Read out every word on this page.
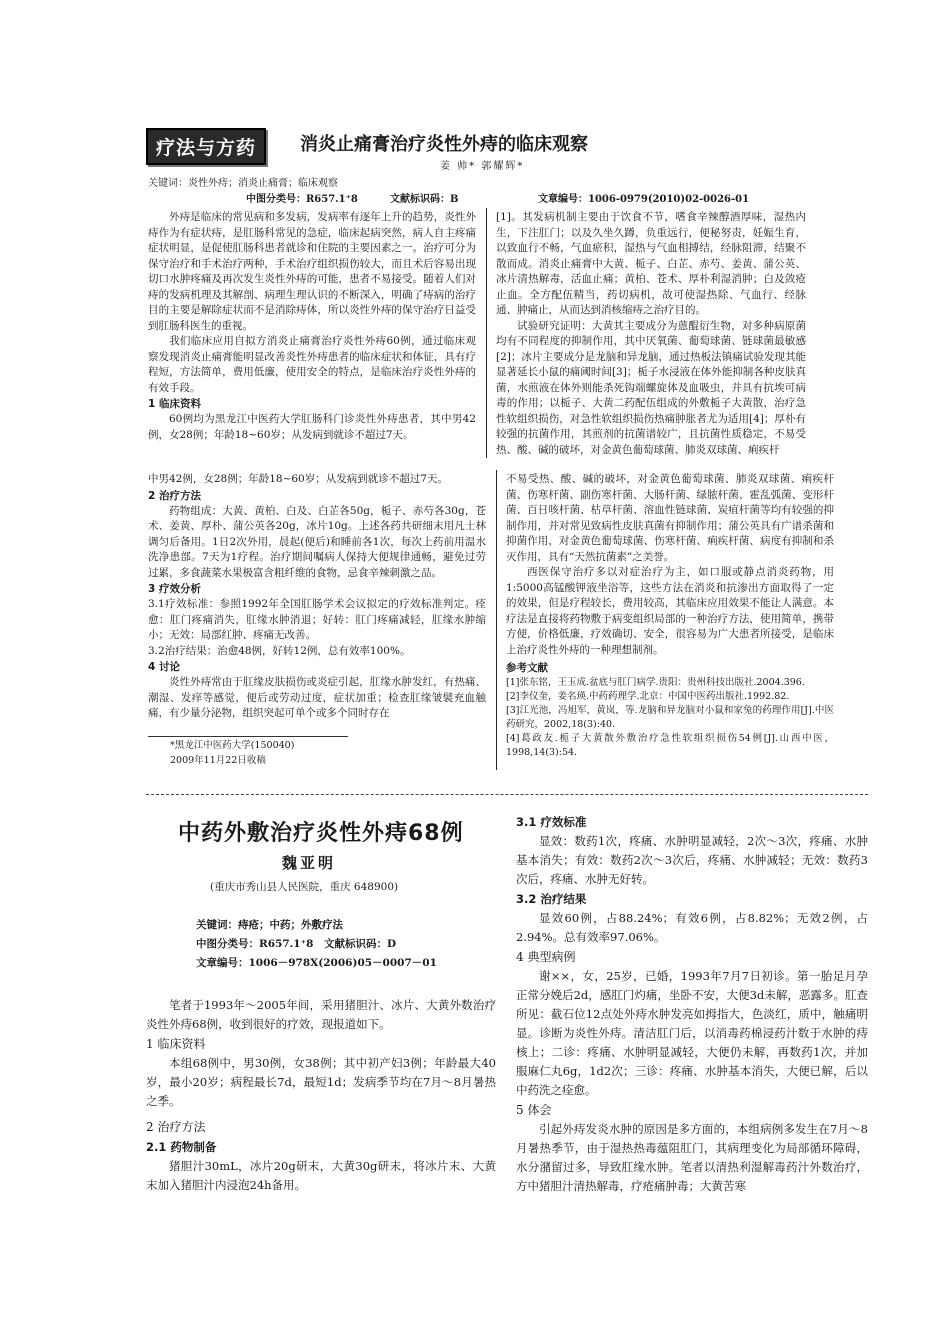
疗法与方药	消炎止痛膏治疗炎性外痔的临床观察
姜 帅* 郭耀辉*
关键词：炎性外痔；消炎止痛膏；临床观察
中图分类号：R657.1⁺8	文献标识码：B	文章编号：1006-0979(2010)02-0026-01

外痔是临床的常见病和多发病，发病率有逐年上升的趋势，炎性外痔作为有症状痔，是肛肠科常见的急症，临床起病突然，病人自主疼痛症状明显，是促使肛肠科患者就诊和住院的主要因素之一。治疗可分为保守治疗和手术治疗两种，手术治疗组织损伤较大，而且术后容易出现切口水肿疼痛及再次发生炎性外痔的可能，患者不易接受。随着人们对痔的发病机理及其解剖、病理生理认识的不断深入，明确了痔病的治疗目的主要是解除症状而不是消除痔体，所以炎性外痔的保守治疗日益受到肛肠科医生的重视。

我们临床应用自拟方消炎止痛膏治疗炎性外痔60例，通过临床观察发现消炎止痛膏能明显改善炎性外痔患者的临床症状和体征，具有疗程短，方法简单，费用低廉，使用安全的特点，是临床治疗炎性外痔的有效手段。

1 临床资料

60例均为黑龙江中医药大学肛肠科门诊炎性外痔患者，其中男42例，女28例；年龄18~60岁；从发病到就诊不超过7天。

[1]。其发病机制主要由于饮食不节，嗜食辛辣醇酒厚味，湿热内生，下注肛门；以及久坐久蹲，负重远行，便秘努责，妊娠生育，以致血行不畅，气血瘀积，湿热与气血相搏结，经脉阻滞，结聚不散而成。消炎止痛膏中大黄、栀子、白芷、赤芍、姜黄、蒲公英、冰片清热解毒，活血止痛；黄柏、苍术、厚朴利湿消肿；白及敛疮止血。全方配伍精当，药切病机，故可使湿热除、气血行、经脉通、肿痛止，从而达到消核缩痔之治疗目的。

试验研究证明：大黄其主要成分为蒽醌衍生物，对多种病原菌均有不同程度的抑制作用，其中厌氧菌、葡萄球菌、链球菌最敏感[2]；冰片主要成分是龙脑和异龙脑，通过热板法镇痛试验发现其能显著延长小鼠的痛阈时间[3]；栀子水浸液在体外能抑制各种皮肤真菌，水煎液在体外则能杀死钩端螺旋体及血吸虫，并具有抗埃可病毒的作用；以栀子、大黄二药配伍组成的外敷栀子大黄散，治疗急性软组织损伤，对急性软组织损伤热痛肿胀者尤为适用[4]；厚朴有较强的抗菌作用，其煎剂的抗菌谱较广，且抗菌性质稳定，不易受热、酸、碱的破坏，对金黄色葡萄球菌、肺炎双球菌、痢疾杆

中男42例，女28例；年龄18~60岁；从发病到就诊不超过7天。

2 治疗方法

药物组成：大黄、黄柏、白及、白芷各50g，栀子、赤芍各30g，苍术、姜黄、厚朴、蒲公英各20g，冰片10g。上述各药共研细末用凡士林调匀后备用。1日2次外用，晨起(便后)和睡前各1次，每次上药前用温水洗净患部。7天为1疗程。治疗期间嘱病人保持大便规律通畅，避免过劳过累，多食蔬菜水果极富含粗纤维的食物，忌食辛辣刺激之品。

3 疗效分析

3.1疗效标准：参照1992年全国肛肠学术会议拟定的疗效标准判定。痊愈：肛门疼痛消失，肛缘水肿消退；好转：肛门疼痛减轻，肛缘水肿缩小；无效：局部红肿、疼痛无改善。

3.2治疗结果：治愈48例，好转12例，总有效率100%。

4 讨论

炎性外痔常由于肛缘皮肤损伤或炎症引起，肛缘水肿发红，有热痛、潮湿、发痒等感觉，便后或劳动过度，症状加重；检查肛缘皱襞充血触痛，有少量分泌物，组织突起可单个或多个同时存在

*黑龙江中医药大学(150040)
2009年11月22日收稿

不易受热、酸、碱的破坏，对金黄色葡萄球菌、肺炎双球菌、痢疾杆菌、伤寒杆菌、副伤寒杆菌、大肠杆菌、绿脓杆菌、霍乱弧菌、变形杆菌、百日咳杆菌、枯草杆菌、溶血性链球菌、炭疽杆菌等均有较强的抑制作用，并对常见致病性皮肤真菌有抑制作用；蒲公英具有广谱杀菌和抑菌作用，对金黄色葡萄球菌、伤寒杆菌、痢疾杆菌、病度有抑制和杀灭作用，具有“天然抗菌素”之美誉。

西医保守治疗多以对症治疗为主，如口服或静点消炎药物，用1:5000高锰酸钾液坐浴等，这些方法在消炎和抗渗出方面取得了一定的效果，但是疗程较长，费用较高，其临床应用效果不能让人满意。本疗法是直接将药物敷于病变组织局部的一种治疗方法，使用简单，携带方便，价格低廉，疗效确切、安全，很容易为广大患者所接受，是临床上治疗炎性外痔的一种理想制剂。

参考文献

[1]张东铭，王玉成.盆底与肛门病学.贵阳：贵州科技出版社.2004.396.

[2]李仪奎，姜名瑛.中药药理学.北京：中国中医药出版社.1992.82.

[3]江光池，冯旭军，黄岚，等.龙脑和异龙脑对小鼠和家兔的药理作用[J].中医药研究，2002,18(3):40.

[4]葛政友.栀子大黄散外敷治疗急性软组织损伤54例[J].山西中医，1998,14(3):54.

中药外敷治疗炎性外痔68例
魏亚明
(重庆市秀山县人民医院，重庆 648900)
关键词：痔疮；中药；外敷疗法
中图分类号：R657.1⁺8 文献标识码：D
文章编号：1006－978X(2006)05－0007－01

笔者于1993年～2005年间，采用猪胆汁、冰片、大黄外数治疗炎性外痔68例，收到很好的疗效，现报道如下。

1 临床资料

本组68例中，男30例，女38例；其中初产妇3例；年龄最大40岁，最小20岁；病程最长7d，最短1d；发病季节均在7月～8月暑热之季。

2 治疗方法

2.1 药物制备

猪胆汁30mL，冰片20g研末，大黄30g研末，将冰片末、大黄末加入猪胆汁内浸泡24h备用。

3.1 疗效标准

显效：数药1次，疼痛、水肿明显减轻，2次～3次，疼痛、水肿基本消失；有效：数药2次～3次后，疼痛、水肿减轻；无效：数药3次后，疼痛、水肿无好转。

3.2 治疗结果

显效60例，占88.24%；有效6例，占8.82%；无效2例，占2.94%。总有效率97.06%。

4 典型病例

谢××，女，25岁，已婚，1993年7月7日初诊。第一胎足月孕正常分娩后2d，感肛门灼痛，坐卧不安，大便3d未解，恶露多。肛查所见：截石位12点处外痔水肿发亮如拇指大，色淡红，质中，触痛明显。诊断为炎性外痔。清洁肛门后，以消毒药棉浸药汁数于水肿的痔核上；二诊：疼痛、水肿明显减轻，大便仍未解，再数药1次，并加服麻仁丸6g，1d2次；三诊：疼痛、水肿基本消失，大便已解，后以中药洗之痊愈。

5 体会

引起外痔发炎水肿的原因是多方面的，本组病例多发生在7月～8月暑热季节，由于湿热热毒蕴阻肛门，其病理变化为局部循环障碍，水分潴留过多，导致肛缘水肿。笔者以清热利湿解毒药汁外数治疗，方中猪胆汁清热解毒，疗疮痛肿毒；大黄苦寒
